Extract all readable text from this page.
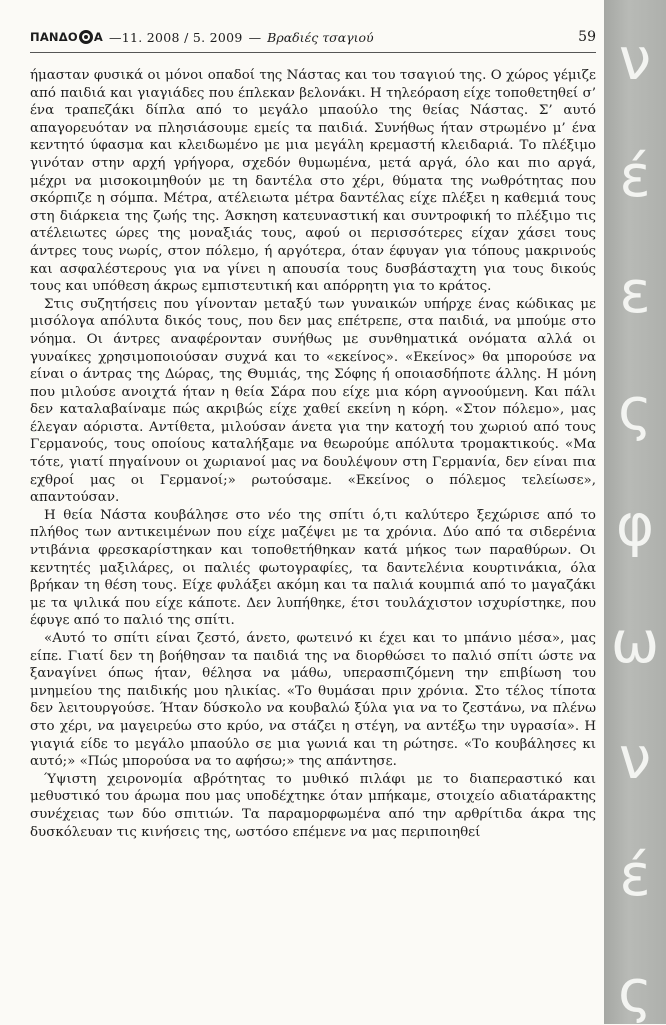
ΠΑΝΔΟ Α —11. 2008 / 5. 2009 — Βραδιές τσαγιού	59

ήμασταν φυσικά οι μόνοι οπαδοί της Νάστας και του τσαγιού της. Ο χώρος γέμιζε από παιδιά και γιαγιάδες που έπλεκαν βελονάκι. Η τηλεόραση είχε τοποθετηθεί σ’ ένα τραπεζάκι δίπλα από το μεγάλο μπαούλο της θείας Νάστας. Σ’ αυτό απαγορευόταν να πλησιάσουμε εμείς τα παιδιά. Συνήθως ήταν στρωμένο μ’ ένα κεντητό ύφασμα και κλειδωμένο με μια μεγάλη κρεμαστή κλειδαριά. Το πλέξιμο γινόταν στην αρχή γρήγορα, σχεδόν θυμωμένα, μετά αργά, όλο και πιο αργά, μέχρι να μισοκοιμηθούν με τη δαντέλα στο χέρι, θύματα της νωθρότητας που σκόρπιζε η σόμπα. Μέτρα, ατέλειωτα μέτρα δαντέλας είχε πλέξει η καθεμιά τους στη διάρκεια της ζωής της. Άσκηση κατευναστική και συντροφική το πλέξιμο τις ατέλειωτες ώρες της μοναξιάς τους, αφού οι περισσότερες είχαν χάσει τους άντρες τους νωρίς, στον πόλεμο, ή αργότερα, όταν έφυγαν για τόπους μακρινούς και ασφαλέστερους για να γίνει η απουσία τους δυσβάσταχτη για τους δικούς τους και υπόθεση άκρως εμπιστευτική και απόρρητη για το κράτος.

Στις συζητήσεις που γίνονταν μεταξύ των γυναικών υπήρχε ένας κώδικας με μισόλογα απόλυτα δικός τους, που δεν μας επέτρεπε, στα παιδιά, να μπούμε στο νόημα. Οι άντρες αναφέρονταν συνήθως με συνθηματικά ονόματα αλλά οι γυναίκες χρησιμοποιούσαν συχνά και το «εκείνος». «Εκείνος» θα μπορούσε να είναι ο άντρας της Δώρας, της Θυμιάς, της Σόφης ή οποιασδήποτε άλλης. Η μόνη που μιλούσε ανοιχτά ήταν η θεία Σάρα που είχε μια κόρη αγνοούμενη. Και πάλι δεν καταλαβαίναμε πώς ακριβώς είχε χαθεί εκείνη η κόρη. «Στον πόλεμο», μας έλεγαν αόριστα. Αντίθετα, μιλούσαν άνετα για την κατοχή του χωριού από τους Γερμανούς, τους οποίους καταλήξαμε να θεωρούμε απόλυτα τρομακτικούς. «Μα τότε, γιατί πηγαίνουν οι χωριανοί μας να δουλέψουν στη Γερμανία, δεν είναι πια εχθροί μας οι Γερμανοί;» ρωτούσαμε. «Εκείνος ο πόλεμος τελείωσε», απαντούσαν.

Η θεία Νάστα κουβάλησε στο νέο της σπίτι ό,τι καλύτερο ξεχώρισε από το πλήθος των αντικειμένων που είχε μαζέψει με τα χρόνια. Δύο από τα σιδερένια ντιβάνια φρεσκαρίστηκαν και τοποθετήθηκαν κατά μήκος των παραθύρων. Οι κεντητές μαξιλάρες, οι παλιές φωτογραφίες, τα δαντελένια κουρτινάκια, όλα βρήκαν τη θέση τους. Είχε φυλάξει ακόμη και τα παλιά κουμπιά από το μαγαζάκι με τα ψιλικά που είχε κάποτε. Δεν λυπήθηκε, έτσι τουλάχιστον ισχυρίστηκε, που έφυγε από το παλιό της σπίτι.

«Αυτό το σπίτι είναι ζεστό, άνετο, φωτεινό κι έχει και το μπάνιο μέσα», μας είπε. Γιατί δεν τη βοήθησαν τα παιδιά της να διορθώσει το παλιό σπίτι ώστε να ξαναγίνει όπως ήταν, θέλησα να μάθω, υπερασπιζόμενη την επιβίωση του μνημείου της παιδικής μου ηλικίας. «Το θυμάσαι πριν χρόνια. Στο τέλος τίποτα δεν λειτουργούσε. Ήταν δύσκολο να κουβαλώ ξύλα για να το ζεστάνω, να πλένω στο χέρι, να μαγειρεύω στο κρύο, να στάζει η στέγη, να αντέξω την υγρασία». Η γιαγιά είδε το μεγάλο μπαούλο σε μια γωνιά και τη ρώτησε. «Το κουβάλησες κι αυτό;» «Πώς μπορούσα να το αφήσω;» της απάντησε.

Ύψιστη χειρονομία αβρότητας το μυθικό πιλάφι με το διαπεραστικό και μεθυστικό του άρωμα που μας υποδέχτηκε όταν μπήκαμε, στοιχείο αδιατάρακτης συνέχειας των δύο σπιτιών. Τα παραμορφωμένα από την αρθρίτιδα άκρα της δυσκόλευαν τις κινήσεις της, ωστόσο επέμενε να μας περιποιηθεί

ν
έ
ε
ς
φ
ω
ν
έ
ς
